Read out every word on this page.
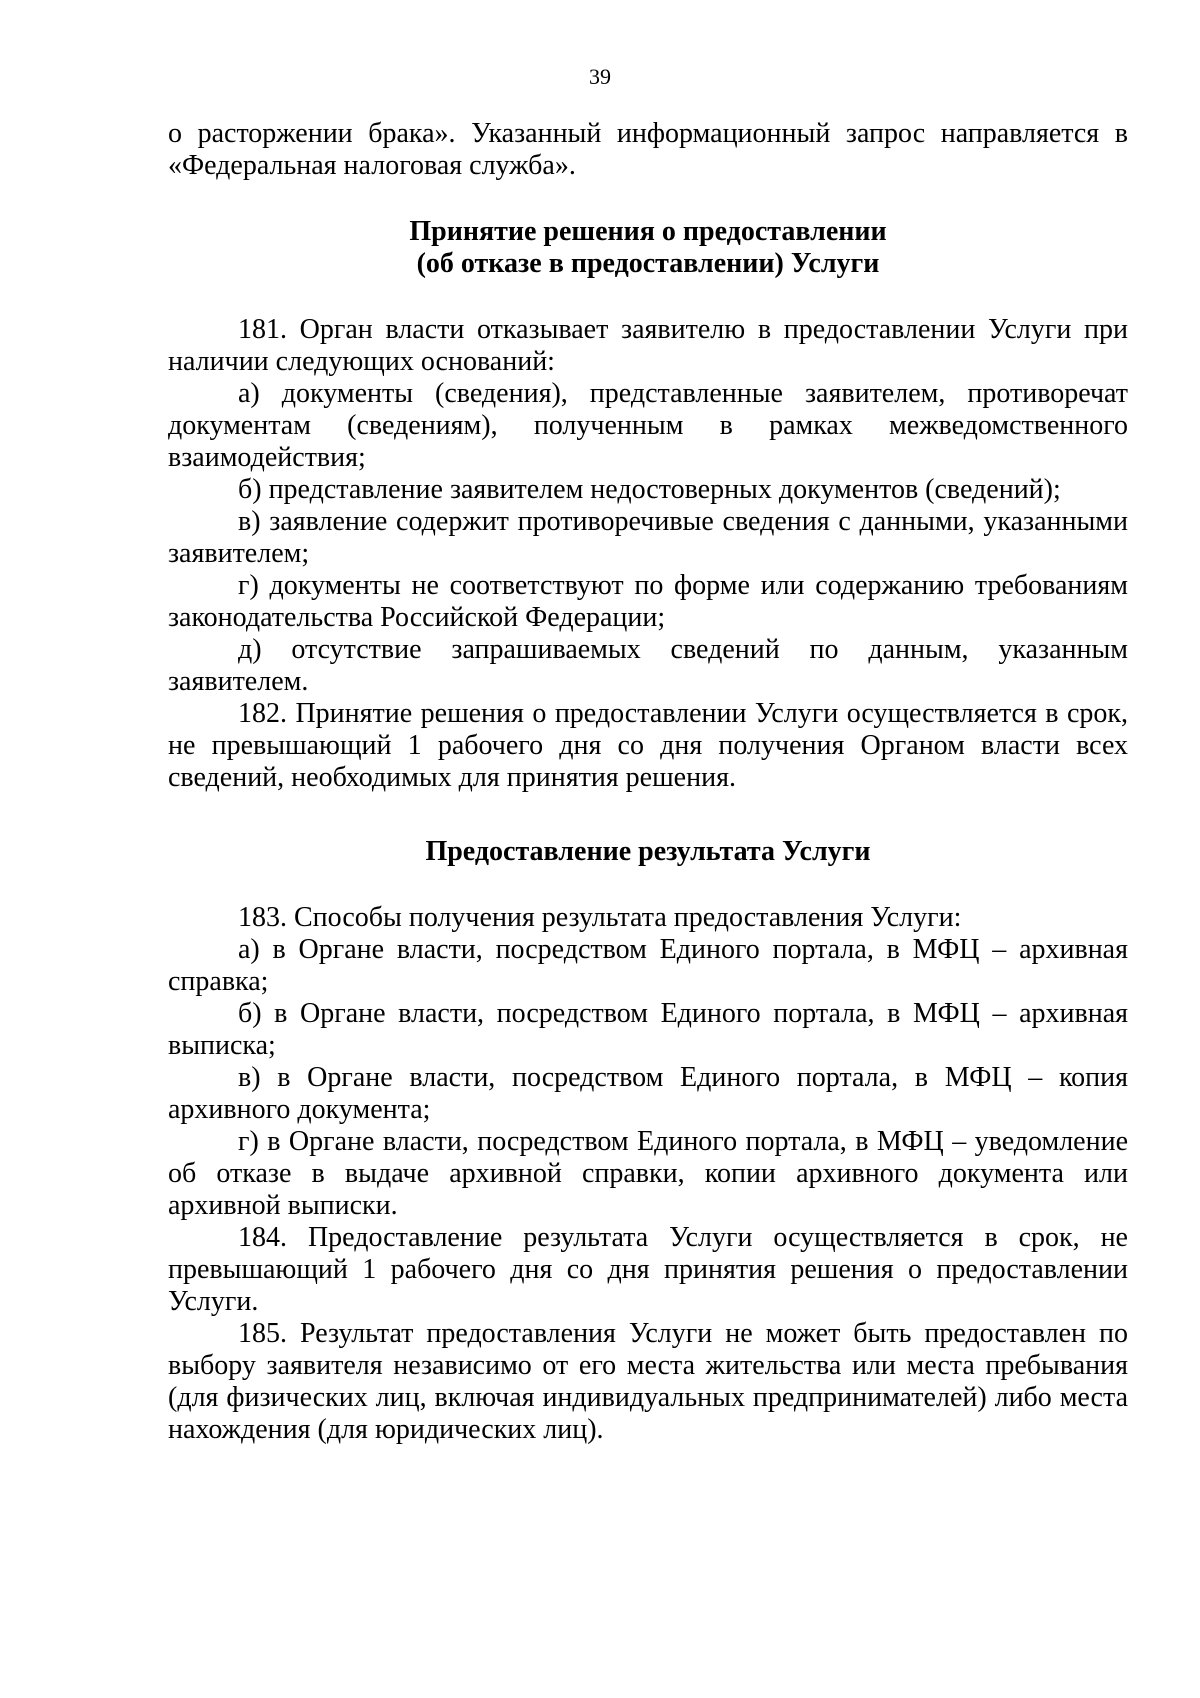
39

о расторжении брака». Указанный информационный запрос направляется в «Федеральная налоговая служба».

Принятие решения о предоставлении
(об отказе в предоставлении) Услуги

181. Орган власти отказывает заявителю в предоставлении Услуги при наличии следующих оснований:

а) документы (сведения), представленные заявителем, противоречат документам (сведениям), полученным в рамках межведомственного взаимодействия;

б) представление заявителем недостоверных документов (сведений);

в) заявление содержит противоречивые сведения с данными, указанными заявителем;

г) документы не соответствуют по форме или содержанию требованиям законодательства Российской Федерации;

д) отсутствие запрашиваемых сведений по данным, указанным заявителем.

182. Принятие решения о предоставлении Услуги осуществляется в срок, не превышающий 1 рабочего дня со дня получения Органом власти всех сведений, необходимых для принятия решения.

Предоставление результата Услуги

183. Способы получения результата предоставления Услуги:

а) в Органе власти, посредством Единого портала, в МФЦ – архивная справка;

б) в Органе власти, посредством Единого портала, в МФЦ – архивная выписка;

в) в Органе власти, посредством Единого портала, в МФЦ – копия архивного документа;

г) в Органе власти, посредством Единого портала, в МФЦ – уведомление об отказе в выдаче архивной справки, копии архивного документа или архивной выписки.

184. Предоставление результата Услуги осуществляется в срок, не превышающий 1 рабочего дня со дня принятия решения о предоставлении Услуги.

185. Результат предоставления Услуги не может быть предоставлен по выбору заявителя независимо от его места жительства или места пребывания (для физических лиц, включая индивидуальных предпринимателей) либо места нахождения (для юридических лиц).
